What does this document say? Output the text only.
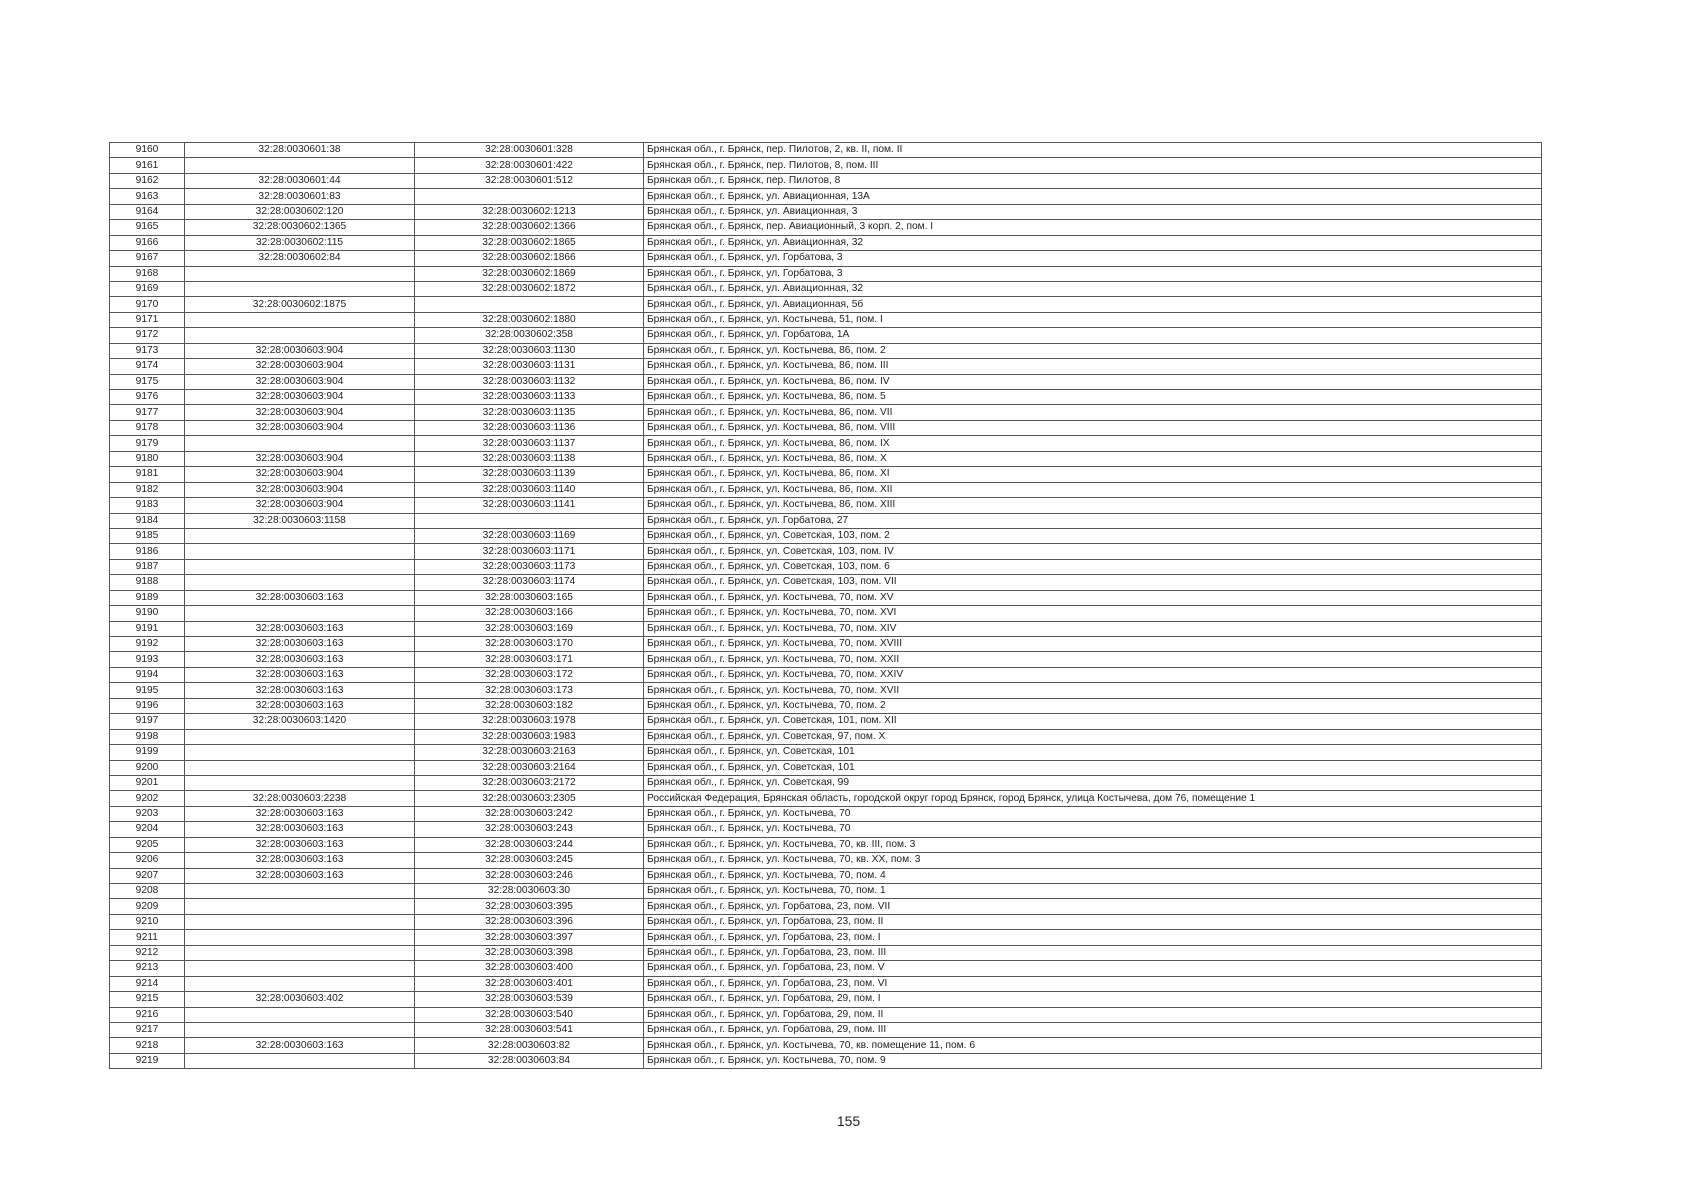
9160	32:28:0030601:38	32:28:0030601:328	Брянская обл., г. Брянск, пер. Пилотов, 2, кв. II, пом. II
9161		32:28:0030601:422	Брянская обл., г. Брянск, пер. Пилотов, 8, пом. III
9162	32:28:0030601:44	32:28:0030601:512	Брянская обл., г. Брянск, пер. Пилотов, 8
9163	32:28:0030601:83		Брянская обл., г. Брянск, ул. Авиационная, 13А
9164	32:28:0030602:120	32:28:0030602:1213	Брянская обл., г. Брянск, ул. Авиационная, 3
9165	32:28:0030602:1365	32:28:0030602:1366	Брянская обл., г. Брянск, пер. Авиационный, 3 корп. 2, пом. I
9166	32:28:0030602:115	32:28:0030602:1865	Брянская обл., г. Брянск, ул. Авиационная, 32
9167	32:28:0030602:84	32:28:0030602:1866	Брянская обл., г. Брянск, ул. Горбатова, 3
9168		32:28:0030602:1869	Брянская обл., г. Брянск, ул. Горбатова, 3
9169		32:28:0030602:1872	Брянская обл., г. Брянск, ул. Авиационная, 32
9170	32:28:0030602:1875		Брянская обл., г. Брянск, ул. Авиационная, 5б
9171		32:28:0030602:1880	Брянская обл., г. Брянск, ул. Костычева, 51, пом. I
9172		32:28:0030602:358	Брянская обл., г. Брянск, ул. Горбатова, 1А
9173	32:28:0030603:904	32:28:0030603:1130	Брянская обл., г. Брянск, ул. Костычева, 86, пом. 2
9174	32:28:0030603:904	32:28:0030603:1131	Брянская обл., г. Брянск, ул. Костычева, 86, пом. III
9175	32:28:0030603:904	32:28:0030603:1132	Брянская обл., г. Брянск, ул. Костычева, 86, пом. IV
9176	32:28:0030603:904	32:28:0030603:1133	Брянская обл., г. Брянск, ул. Костычева, 86, пом. 5
9177	32:28:0030603:904	32:28:0030603:1135	Брянская обл., г. Брянск, ул. Костычева, 86, пом. VII
9178	32:28:0030603:904	32:28:0030603:1136	Брянская обл., г. Брянск, ул. Костычева, 86, пом. VIII
9179		32:28:0030603:1137	Брянская обл., г. Брянск, ул. Костычева, 86, пом. IX
9180	32:28:0030603:904	32:28:0030603:1138	Брянская обл., г. Брянск, ул. Костычева, 86, пом. X
9181	32:28:0030603:904	32:28:0030603:1139	Брянская обл., г. Брянск, ул. Костычева, 86, пом. XI
9182	32:28:0030603:904	32:28:0030603:1140	Брянская обл., г. Брянск, ул. Костычева, 86, пом. XII
9183	32:28:0030603:904	32:28:0030603:1141	Брянская обл., г. Брянск, ул. Костычева, 86, пом. XIII
9184	32:28:0030603:1158		Брянская обл., г. Брянск, ул. Горбатова, 27
9185		32:28:0030603:1169	Брянская обл., г. Брянск, ул. Советская, 103, пом. 2
9186		32:28:0030603:1171	Брянская обл., г. Брянск, ул. Советская, 103, пом. IV
9187		32:28:0030603:1173	Брянская обл., г. Брянск, ул. Советская, 103, пом. 6
9188		32:28:0030603:1174	Брянская обл., г. Брянск, ул. Советская, 103, пом. VII
9189	32:28:0030603:163	32:28:0030603:165	Брянская обл., г. Брянск, ул. Костычева, 70, пом. XV
9190		32:28:0030603:166	Брянская обл., г. Брянск, ул. Костычева, 70, пом. XVI
9191	32:28:0030603:163	32:28:0030603:169	Брянская обл., г. Брянск, ул. Костычева, 70, пом. XIV
9192	32:28:0030603:163	32:28:0030603:170	Брянская обл., г. Брянск, ул. Костычева, 70, пом. XVIII
9193	32:28:0030603:163	32:28:0030603:171	Брянская обл., г. Брянск, ул. Костычева, 70, пом. XXII
9194	32:28:0030603:163	32:28:0030603:172	Брянская обл., г. Брянск, ул. Костычева, 70, пом. XXIV
9195	32:28:0030603:163	32:28:0030603:173	Брянская обл., г. Брянск, ул. Костычева, 70, пом. XVII
9196	32:28:0030603:163	32:28:0030603:182	Брянская обл., г. Брянск, ул. Костычева, 70, пом. 2
9197	32:28:0030603:1420	32:28:0030603:1978	Брянская обл., г. Брянск, ул. Советская, 101, пом. XII
9198		32:28:0030603:1983	Брянская обл., г. Брянск, ул. Советская, 97, пом. X
9199		32:28:0030603:2163	Брянская обл., г. Брянск, ул. Советская, 101
9200		32:28:0030603:2164	Брянская обл., г. Брянск, ул. Советская, 101
9201		32:28:0030603:2172	Брянская обл., г. Брянск, ул. Советская, 99
9202	32:28:0030603:2238	32:28:0030603:2305	Российская Федерация, Брянская область, городской округ город Брянск, город Брянск, улица Костычева, дом 76, помещение 1
9203	32:28:0030603:163	32:28:0030603:242	Брянская обл., г. Брянск, ул. Костычева, 70
9204	32:28:0030603:163	32:28:0030603:243	Брянская обл., г. Брянск, ул. Костычева, 70
9205	32:28:0030603:163	32:28:0030603:244	Брянская обл., г. Брянск, ул. Костычева, 70, кв. III, пом. 3
9206	32:28:0030603:163	32:28:0030603:245	Брянская обл., г. Брянск, ул. Костычева, 70, кв. XX, пом. 3
9207	32:28:0030603:163	32:28:0030603:246	Брянская обл., г. Брянск, ул. Костычева, 70, пом. 4
9208		32:28:0030603:30	Брянская обл., г. Брянск, ул. Костычева, 70, пом. 1
9209		32:28:0030603:395	Брянская обл., г. Брянск, ул. Горбатова, 23, пом. VII
9210		32:28:0030603:396	Брянская обл., г. Брянск, ул. Горбатова, 23, пом. II
9211		32:28:0030603:397	Брянская обл., г. Брянск, ул. Горбатова, 23, пом. I
9212		32:28:0030603:398	Брянская обл., г. Брянск, ул. Горбатова, 23, пом. III
9213		32:28:0030603:400	Брянская обл., г. Брянск, ул. Горбатова, 23, пом. V
9214		32:28:0030603:401	Брянская обл., г. Брянск, ул. Горбатова, 23, пом. VI
9215	32:28:0030603:402	32:28:0030603:539	Брянская обл., г. Брянск, ул. Горбатова, 29, пом. I
9216		32:28:0030603:540	Брянская обл., г. Брянск, ул. Горбатова, 29, пом. II
9217		32:28:0030603:541	Брянская обл., г. Брянск, ул. Горбатова, 29, пом. III
9218	32:28:0030603:163	32:28:0030603:82	Брянская обл., г. Брянск, ул. Костычева, 70, кв. помещение 11, пом. 6
9219		32:28:0030603:84	Брянская обл., г. Брянск, ул. Костычева, 70, пом. 9
155
